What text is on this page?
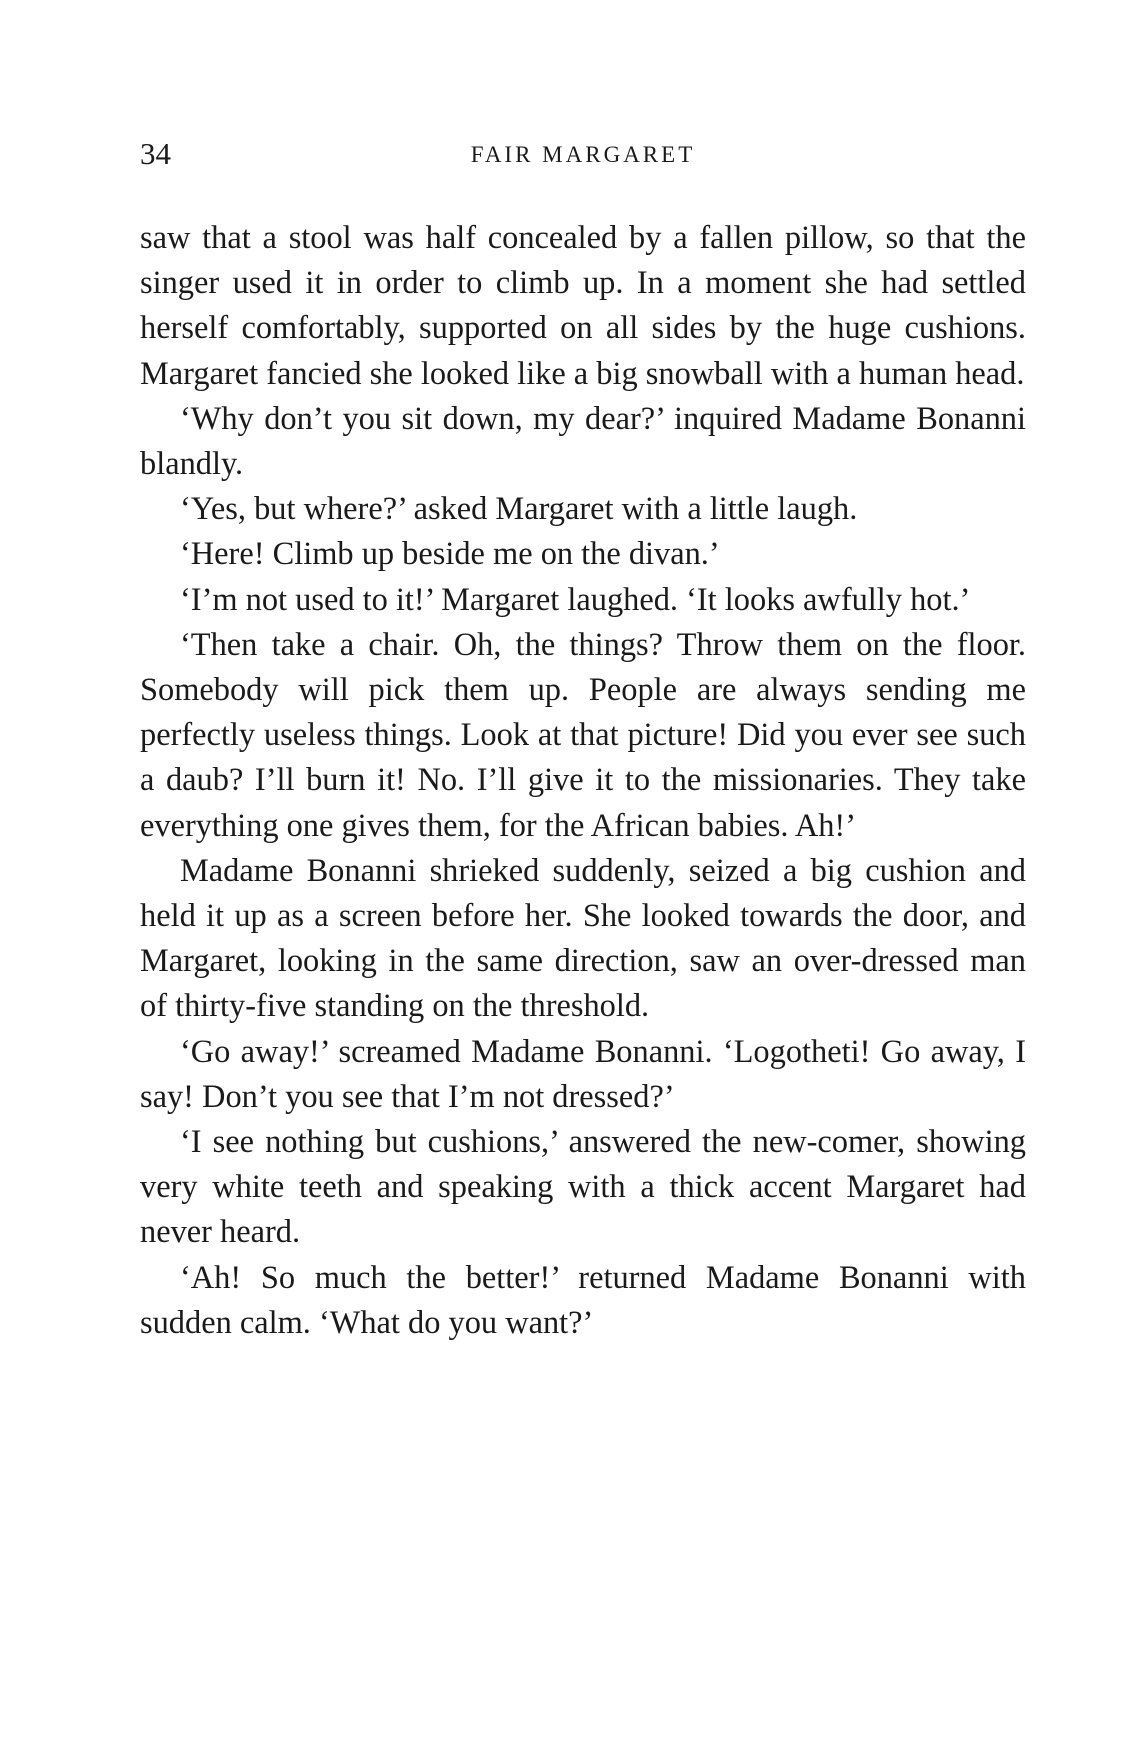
34	FAIR MARGARET

saw that a stool was half concealed by a fallen pillow, so that the singer used it in order to climb up. In a moment she had settled herself comfortably, supported on all sides by the huge cushions. Margaret fancied she looked like a big snowball with a human head.

‘Why don’t you sit down, my dear?’ inquired Madame Bonanni blandly.

‘Yes, but where?’ asked Margaret with a little laugh.

‘Here! Climb up beside me on the divan.’

‘I’m not used to it!’ Margaret laughed. ‘It looks awfully hot.’

‘Then take a chair. Oh, the things? Throw them on the floor. Somebody will pick them up. People are always sending me perfectly useless things. Look at that picture! Did you ever see such a daub? I’ll burn it! No. I’ll give it to the missionaries. They take everything one gives them, for the African babies. Ah!’

Madame Bonanni shrieked suddenly, seized a big cushion and held it up as a screen before her. She looked towards the door, and Margaret, looking in the same direction, saw an over-dressed man of thirty-five standing on the threshold.

‘Go away!’ screamed Madame Bonanni. ‘Logotheti! Go away, I say! Don’t you see that I’m not dressed?’

‘I see nothing but cushions,’ answered the new-comer, showing very white teeth and speaking with a thick accent Margaret had never heard.

‘Ah! So much the better!’ returned Madame Bonanni with sudden calm. ‘What do you want?’
